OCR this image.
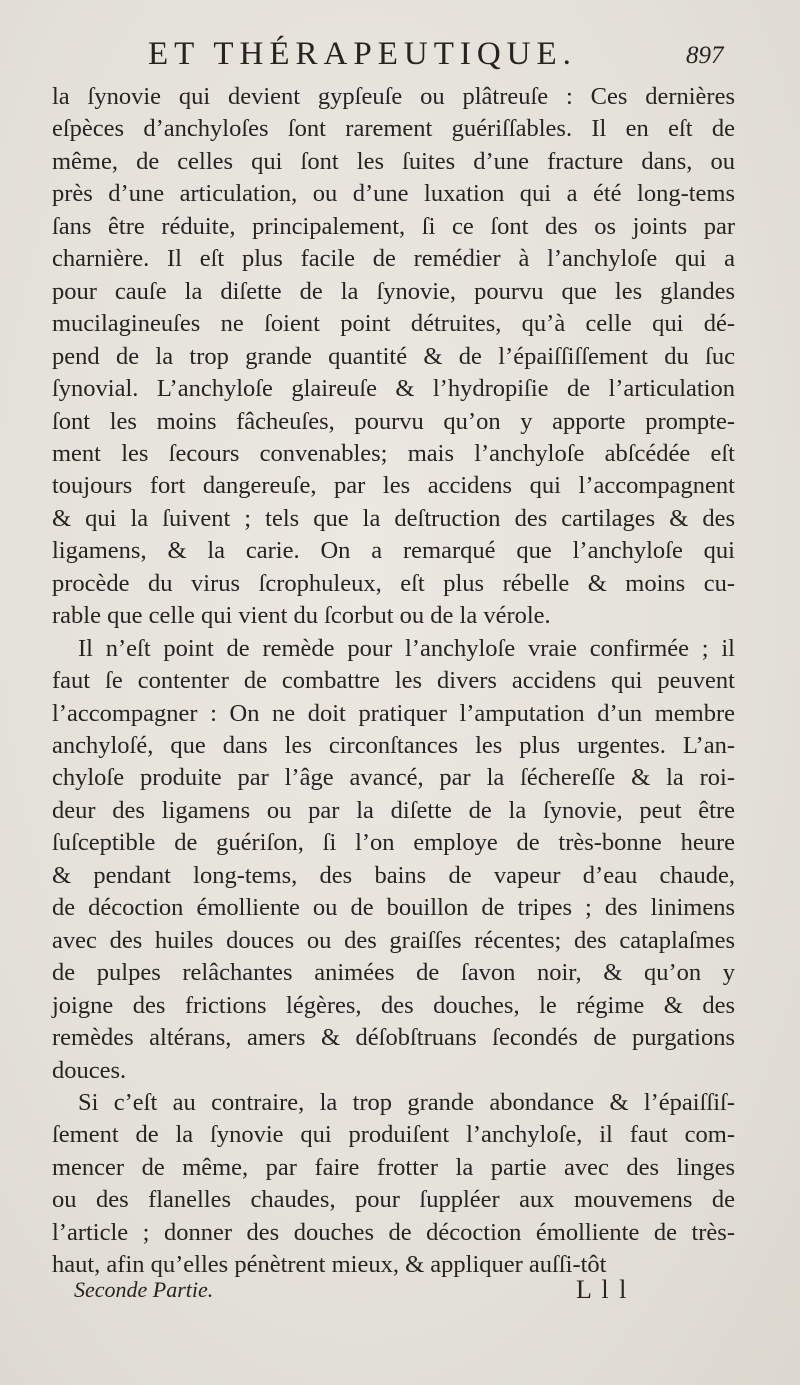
ET THÉRAPEUTIQUE.	897
la ſynovie qui devient gypſeuſe ou plâtreuſe : Ces dernières
eſpèces d’anchyloſes ſont rarement guériſſables. Il en eſt de
même, de celles qui ſont les ſuites d’une fracture dans, ou
près d’une articulation, ou d’une luxation qui a été long-tems
ſans être réduite, principalement, ſi ce ſont des os joints par
charnière. Il eſt plus facile de remédier à l’anchyloſe qui a
pour cauſe la diſette de la ſynovie, pourvu que les glandes
mucilagineuſes ne ſoient point détruites, qu’à celle qui dé-
pend de la trop grande quantité & de l’épaiſſiſſement du ſuc
ſynovial. L’anchyloſe glaireuſe & l’hydropiſie de l’articulation
ſont les moins fâcheuſes, pourvu qu’on y apporte prompte-
ment les ſecours convenables; mais l’anchyloſe abſcédée eſt
toujours fort dangereuſe, par les accidens qui l’accompagnent
& qui la ſuivent ; tels que la deſtruction des cartilages & des
ligamens, & la carie. On a remarqué que l’anchyloſe qui
procède du virus ſcrophuleux, eſt plus rébelle & moins cu-
rable que celle qui vient du ſcorbut ou de la vérole.
Il n’eſt point de remède pour l’anchyloſe vraie confirmée ; il
faut ſe contenter de combattre les divers accidens qui peuvent
l’accompagner : On ne doit pratiquer l’amputation d’un membre
anchyloſé, que dans les circonſtances les plus urgentes. L’an-
chyloſe produite par l’âge avancé, par la ſéchereſſe & la roi-
deur des ligamens ou par la diſette de la ſynovie, peut être
ſuſceptible de guériſon, ſi l’on employe de très-bonne heure
& pendant long-tems, des bains de vapeur d’eau chaude,
de décoction émolliente ou de bouillon de tripes ; des linimens
avec des huiles douces ou des graiſſes récentes; des cataplaſmes
de pulpes relâchantes animées de ſavon noir, & qu’on y
joigne des frictions légères, des douches, le régime & des
remèdes altérans, amers & déſobſtruans ſecondés de purgations
douces.
Si c’eſt au contraire, la trop grande abondance & l’épaiſſiſ-
ſement de la ſynovie qui produiſent l’anchyloſe, il faut com-
mencer de même, par faire frotter la partie avec des linges
ou des flanelles chaudes, pour ſuppléer aux mouvemens de
l’article ; donner des douches de décoction émolliente de très-
haut, afin qu’elles pénètrent mieux, & appliquer auſſi-tôt
Seconde Partie.	L l l
